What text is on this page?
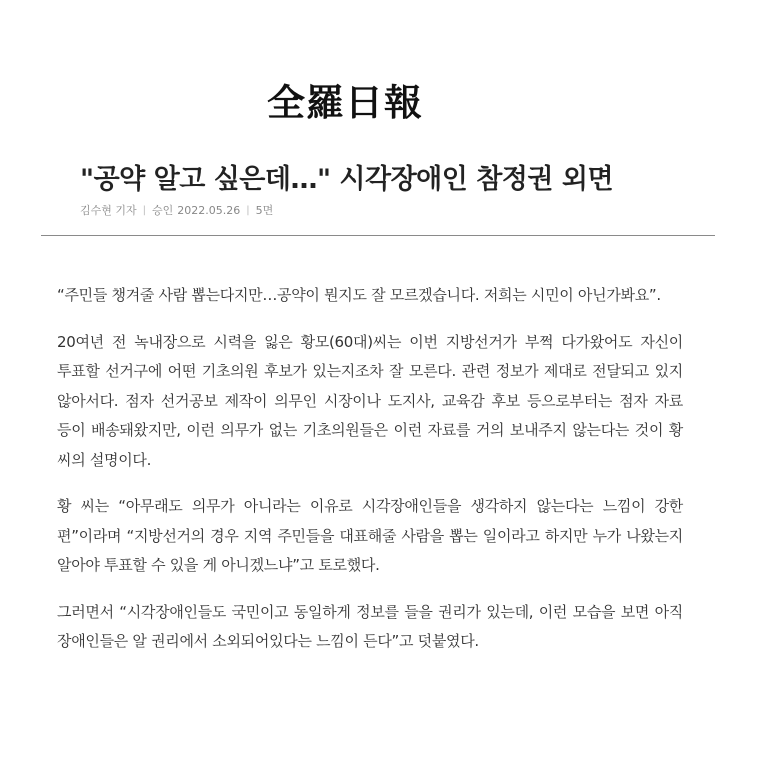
全羅日報
"공약 알고 싶은데…" 시각장애인 참정권 외면
김수현 기자 | 승인 2022.05.26 | 5면

“주민들 챙겨줄 사람 뽑는다지만…공약이 뭔지도 잘 모르겠습니다. 저희는 시민이 아닌가봐요”.

20여년 전 녹내장으로 시력을 잃은 황모(60대)씨는 이번 지방선거가 부쩍 다가왔어도 자신이 투표할 선거구에 어떤 기초의원 후보가 있는지조차 잘 모른다. 관련 정보가 제대로 전달되고 있지 않아서다. 점자 선거공보 제작이 의무인 시장이나 도지사, 교육감 후보 등으로부터는 점자 자료 등이 배송돼왔지만, 이런 의무가 없는 기초의원들은 이런 자료를 거의 보내주지 않는다는 것이 황 씨의 설명이다.

황 씨는 “아무래도 의무가 아니라는 이유로 시각장애인들을 생각하지 않는다는 느낌이 강한 편”이라며 “지방선거의 경우 지역 주민들을 대표해줄 사람을 뽑는 일이라고 하지만 누가 나왔는지 알아야 투표할 수 있을 게 아니겠느냐”고 토로했다.

그러면서 “시각장애인들도 국민이고 동일하게 정보를 들을 권리가 있는데, 이런 모습을 보면 아직 장애인들은 알 권리에서 소외되어있다는 느낌이 든다”고 덧붙였다.
